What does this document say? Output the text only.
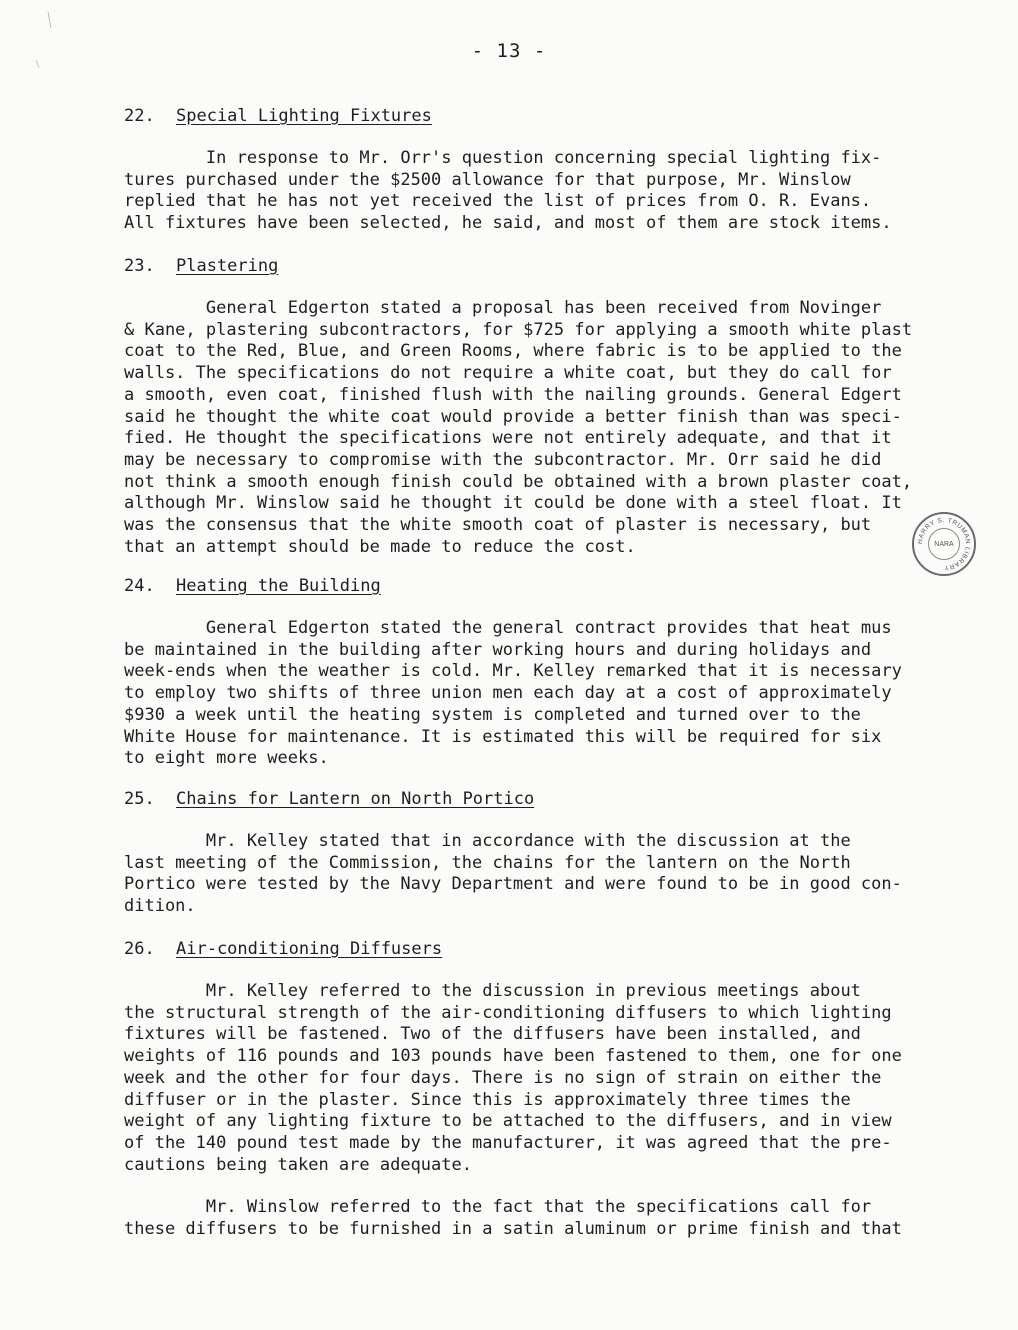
- 13 -

22. Special Lighting Fixtures

In response to Mr. Orr's question concerning special lighting fix-
tures purchased under the $2500 allowance for that purpose, Mr. Winslow
replied that he has not yet received the list of prices from O. R. Evans.
All fixtures have been selected, he said, and most of them are stock items.

23. Plastering

General Edgerton stated a proposal has been received from Novinger
& Kane, plastering subcontractors, for $725 for applying a smooth white plast
coat to the Red, Blue, and Green Rooms, where fabric is to be applied to the
walls. The specifications do not require a white coat, but they do call for
a smooth, even coat, finished flush with the nailing grounds. General Edgert
said he thought the white coat would provide a better finish than was speci-
fied. He thought the specifications were not entirely adequate, and that it
may be necessary to compromise with the subcontractor. Mr. Orr said he did
not think a smooth enough finish could be obtained with a brown plaster coat,
although Mr. Winslow said he thought it could be done with a steel float. It
was the consensus that the white smooth coat of plaster is necessary, but
that an attempt should be made to reduce the cost.

24. Heating the Building

General Edgerton stated the general contract provides that heat mus
be maintained in the building after working hours and during holidays and
week-ends when the weather is cold. Mr. Kelley remarked that it is necessary
to employ two shifts of three union men each day at a cost of approximately
$930 a week until the heating system is completed and turned over to the
White House for maintenance. It is estimated this will be required for six
to eight more weeks.

25. Chains for Lantern on North Portico

Mr. Kelley stated that in accordance with the discussion at the
last meeting of the Commission, the chains for the lantern on the North
Portico were tested by the Navy Department and were found to be in good con-
dition.

26. Air-conditioning Diffusers

Mr. Kelley referred to the discussion in previous meetings about
the structural strength of the air-conditioning diffusers to which lighting
fixtures will be fastened. Two of the diffusers have been installed, and
weights of 116 pounds and 103 pounds have been fastened to them, one for one
week and the other for four days. There is no sign of strain on either the
diffuser or in the plaster. Since this is approximately three times the
weight of any lighting fixture to be attached to the diffusers, and in view
of the 140 pound test made by the manufacturer, it was agreed that the pre-
cautions being taken are adequate.

Mr. Winslow referred to the fact that the specifications call for
these diffusers to be furnished in a satin aluminum or prime finish and that

HARRY S. TRUMAN LIBRARY
NARA
